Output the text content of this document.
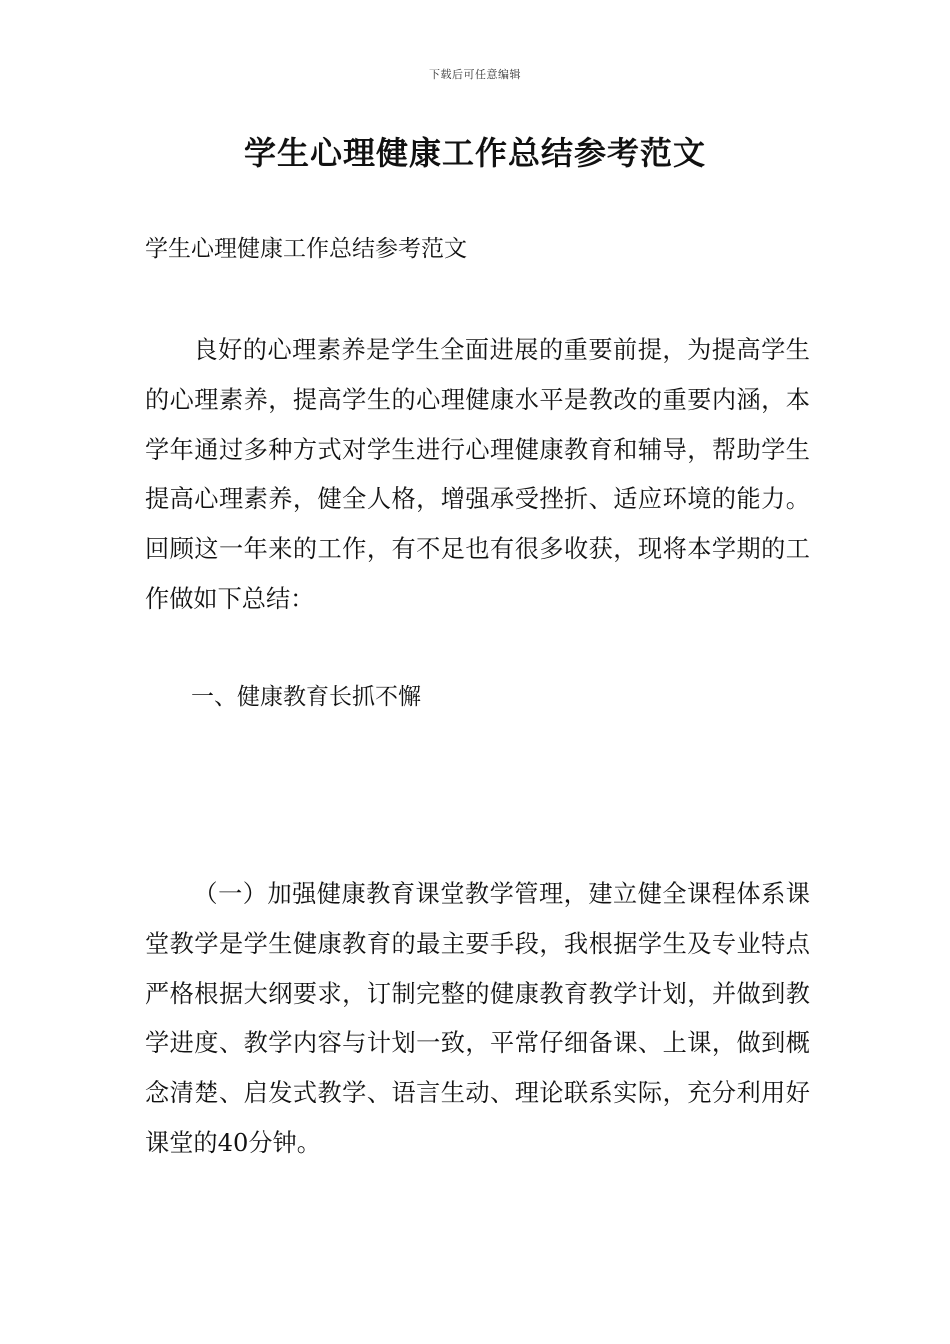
下载后可任意编辑
学生心理健康工作总结参考范文

学生心理健康工作总结参考范文

良好的心理素养是学生全面进展的重要前提，为提高学生的心理素养，提高学生的心理健康水平是教改的重要内涵，本学年通过多种方式对学生进行心理健康教育和辅导，帮助学生提高心理素养，健全人格，增强承受挫折、适应环境的能力。回顾这一年来的工作，有不足也有很多收获，现将本学期的工作做如下总结：

一、健康教育长抓不懈

（一）加强健康教育课堂教学管理，建立健全课程体系课堂教学是学生健康教育的最主要手段，我根据学生及专业特点严格根据大纲要求，订制完整的健康教育教学计划，并做到教学进度、教学内容与计划一致，平常仔细备课、上课，做到概念清楚、启发式教学、语言生动、理论联系实际，充分利用好课堂的40分钟。
